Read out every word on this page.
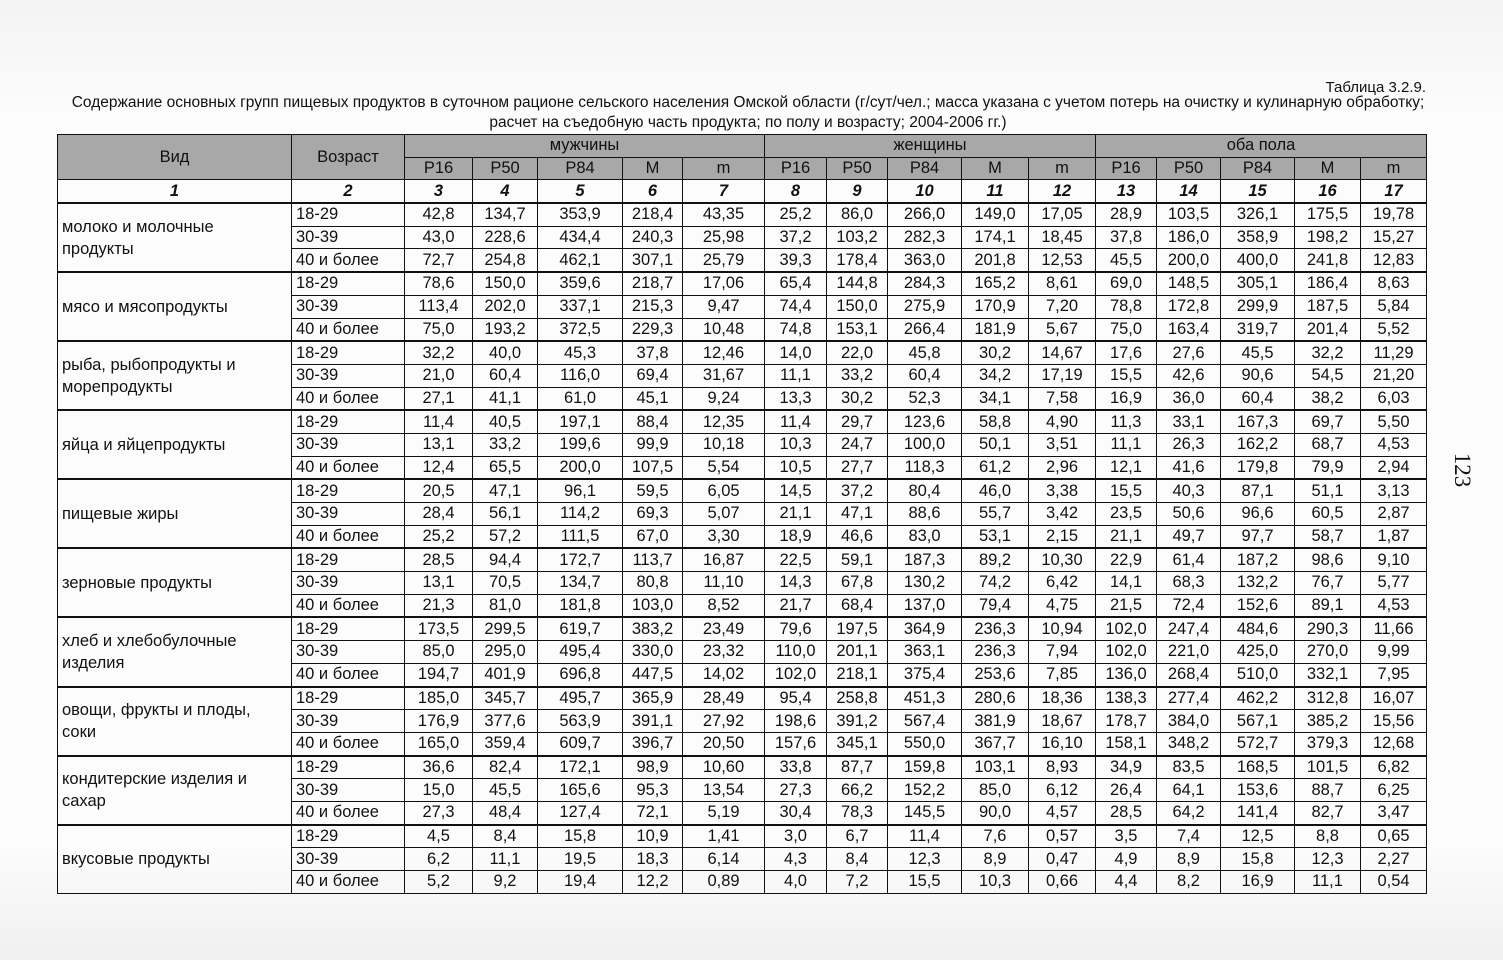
Таблица 3.2.9.
Содержание основных групп пищевых продуктов в суточном рационе сельского населения Омской области (г/сут/чел.; масса указана с учетом потерь на очистку и кулинарную обработку; расчет на съедобную часть продукта; по полу и возрасту; 2004-2006 гг.)
Вид	Возраст	мужчины					женщины					оба пола				
		P16	P50	P84	M	m	P16	P50	P84	M	m	P16	P50	P84	M	m
1	2	3	4	5	6	7	8	9	10	11	12	13	14	15	16	17
молоко и молочные продукты	18-29	42,8	134,7	353,9	218,4	43,35	25,2	86,0	266,0	149,0	17,05	28,9	103,5	326,1	175,5	19,78
	30-39	43,0	228,6	434,4	240,3	25,98	37,2	103,2	282,3	174,1	18,45	37,8	186,0	358,9	198,2	15,27
	40 и более	72,7	254,8	462,1	307,1	25,79	39,3	178,4	363,0	201,8	12,53	45,5	200,0	400,0	241,8	12,83
мясо и мясопродукты	18-29	78,6	150,0	359,6	218,7	17,06	65,4	144,8	284,3	165,2	8,61	69,0	148,5	305,1	186,4	8,63
	30-39	113,4	202,0	337,1	215,3	9,47	74,4	150,0	275,9	170,9	7,20	78,8	172,8	299,9	187,5	5,84
	40 и более	75,0	193,2	372,5	229,3	10,48	74,8	153,1	266,4	181,9	5,67	75,0	163,4	319,7	201,4	5,52
рыба, рыбопродукты и морепродукты	18-29	32,2	40,0	45,3	37,8	12,46	14,0	22,0	45,8	30,2	14,67	17,6	27,6	45,5	32,2	11,29
	30-39	21,0	60,4	116,0	69,4	31,67	11,1	33,2	60,4	34,2	17,19	15,5	42,6	90,6	54,5	21,20
	40 и более	27,1	41,1	61,0	45,1	9,24	13,3	30,2	52,3	34,1	7,58	16,9	36,0	60,4	38,2	6,03
яйца и яйцепродукты	18-29	11,4	40,5	197,1	88,4	12,35	11,4	29,7	123,6	58,8	4,90	11,3	33,1	167,3	69,7	5,50
	30-39	13,1	33,2	199,6	99,9	10,18	10,3	24,7	100,0	50,1	3,51	11,1	26,3	162,2	68,7	4,53
	40 и более	12,4	65,5	200,0	107,5	5,54	10,5	27,7	118,3	61,2	2,96	12,1	41,6	179,8	79,9	2,94
пищевые жиры	18-29	20,5	47,1	96,1	59,5	6,05	14,5	37,2	80,4	46,0	3,38	15,5	40,3	87,1	51,1	3,13
	30-39	28,4	56,1	114,2	69,3	5,07	21,1	47,1	88,6	55,7	3,42	23,5	50,6	96,6	60,5	2,87
	40 и более	25,2	57,2	111,5	67,0	3,30	18,9	46,6	83,0	53,1	2,15	21,1	49,7	97,7	58,7	1,87
зерновые продукты	18-29	28,5	94,4	172,7	113,7	16,87	22,5	59,1	187,3	89,2	10,30	22,9	61,4	187,2	98,6	9,10
	30-39	13,1	70,5	134,7	80,8	11,10	14,3	67,8	130,2	74,2	6,42	14,1	68,3	132,2	76,7	5,77
	40 и более	21,3	81,0	181,8	103,0	8,52	21,7	68,4	137,0	79,4	4,75	21,5	72,4	152,6	89,1	4,53
хлеб и хлебобулочные изделия	18-29	173,5	299,5	619,7	383,2	23,49	79,6	197,5	364,9	236,3	10,94	102,0	247,4	484,6	290,3	11,66
	30-39	85,0	295,0	495,4	330,0	23,32	110,0	201,1	363,1	236,3	7,94	102,0	221,0	425,0	270,0	9,99
	40 и более	194,7	401,9	696,8	447,5	14,02	102,0	218,1	375,4	253,6	7,85	136,0	268,4	510,0	332,1	7,95
овощи, фрукты и плоды, соки	18-29	185,0	345,7	495,7	365,9	28,49	95,4	258,8	451,3	280,6	18,36	138,3	277,4	462,2	312,8	16,07
	30-39	176,9	377,6	563,9	391,1	27,92	198,6	391,2	567,4	381,9	18,67	178,7	384,0	567,1	385,2	15,56
	40 и более	165,0	359,4	609,7	396,7	20,50	157,6	345,1	550,0	367,7	16,10	158,1	348,2	572,7	379,3	12,68
кондитерские изделия и сахар	18-29	36,6	82,4	172,1	98,9	10,60	33,8	87,7	159,8	103,1	8,93	34,9	83,5	168,5	101,5	6,82
	30-39	15,0	45,5	165,6	95,3	13,54	27,3	66,2	152,2	85,0	6,12	26,4	64,1	153,6	88,7	6,25
	40 и более	27,3	48,4	127,4	72,1	5,19	30,4	78,3	145,5	90,0	4,57	28,5	64,2	141,4	82,7	3,47
вкусовые продукты	18-29	4,5	8,4	15,8	10,9	1,41	3,0	6,7	11,4	7,6	0,57	3,5	7,4	12,5	8,8	0,65
	30-39	6,2	11,1	19,5	18,3	6,14	4,3	8,4	12,3	8,9	0,47	4,9	8,9	15,8	12,3	2,27
	40 и более	5,2	9,2	19,4	12,2	0,89	4,0	7,2	15,5	10,3	0,66	4,4	8,2	16,9	11,1	0,54
123
